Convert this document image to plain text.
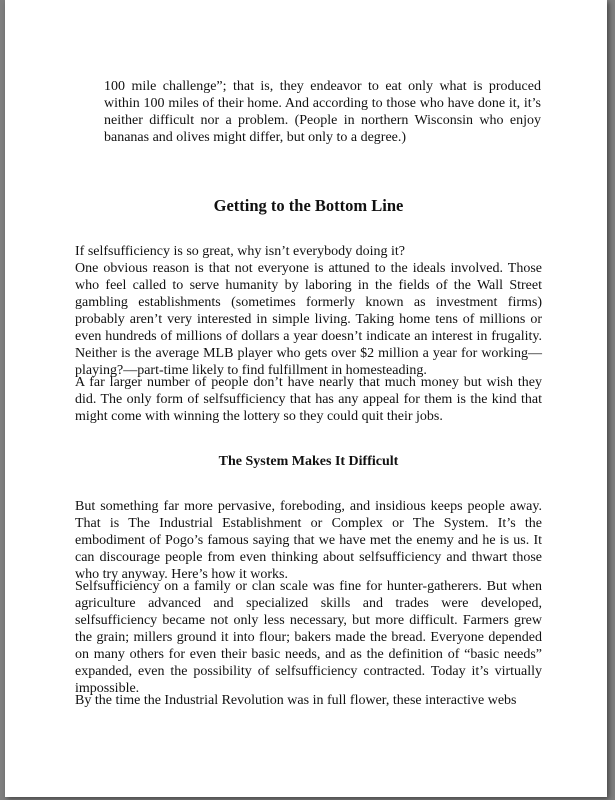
100 mile challenge”; that is, they endeavor to eat only what is produced within 100 miles of their home. And according to those who have done it, it’s neither difficult nor a problem. (People in northern Wisconsin who enjoy bananas and olives might differ, but only to a degree.)

Getting to the Bottom Line

If selfsufficiency is so great, why isn’t everybody doing it?

One obvious reason is that not everyone is attuned to the ideals involved. Those who feel called to serve humanity by laboring in the fields of the Wall Street gambling establishments (sometimes formerly known as investment firms) probably aren’t very interested in simple living. Taking home tens of millions or even hundreds of millions of dollars a year doesn’t indicate an interest in frugality. Neither is the average MLB player who gets over $2 million a year for working—playing?—part-time likely to find fulfillment in homesteading.

A far larger number of people don’t have nearly that much money but wish they did. The only form of selfsufficiency that has any appeal for them is the kind that might come with winning the lottery so they could quit their jobs.

The System Makes It Difficult

But something far more pervasive, foreboding, and insidious keeps people away. That is The Industrial Establishment or Complex or The System. It’s the embodiment of Pogo’s famous saying that we have met the enemy and he is us. It can discourage people from even thinking about selfsufficiency and thwart those who try anyway. Here’s how it works.

Selfsufficiency on a family or clan scale was fine for hunter-gatherers. But when agriculture advanced and specialized skills and trades were developed, selfsufficiency became not only less necessary, but more difficult. Farmers grew the grain; millers ground it into flour; bakers made the bread. Everyone depended on many others for even their basic needs, and as the definition of “basic needs” expanded, even the possibility of selfsufficiency contracted. Today it’s virtually impossible.

By the time the Industrial Revolution was in full flower, these interactive webs
